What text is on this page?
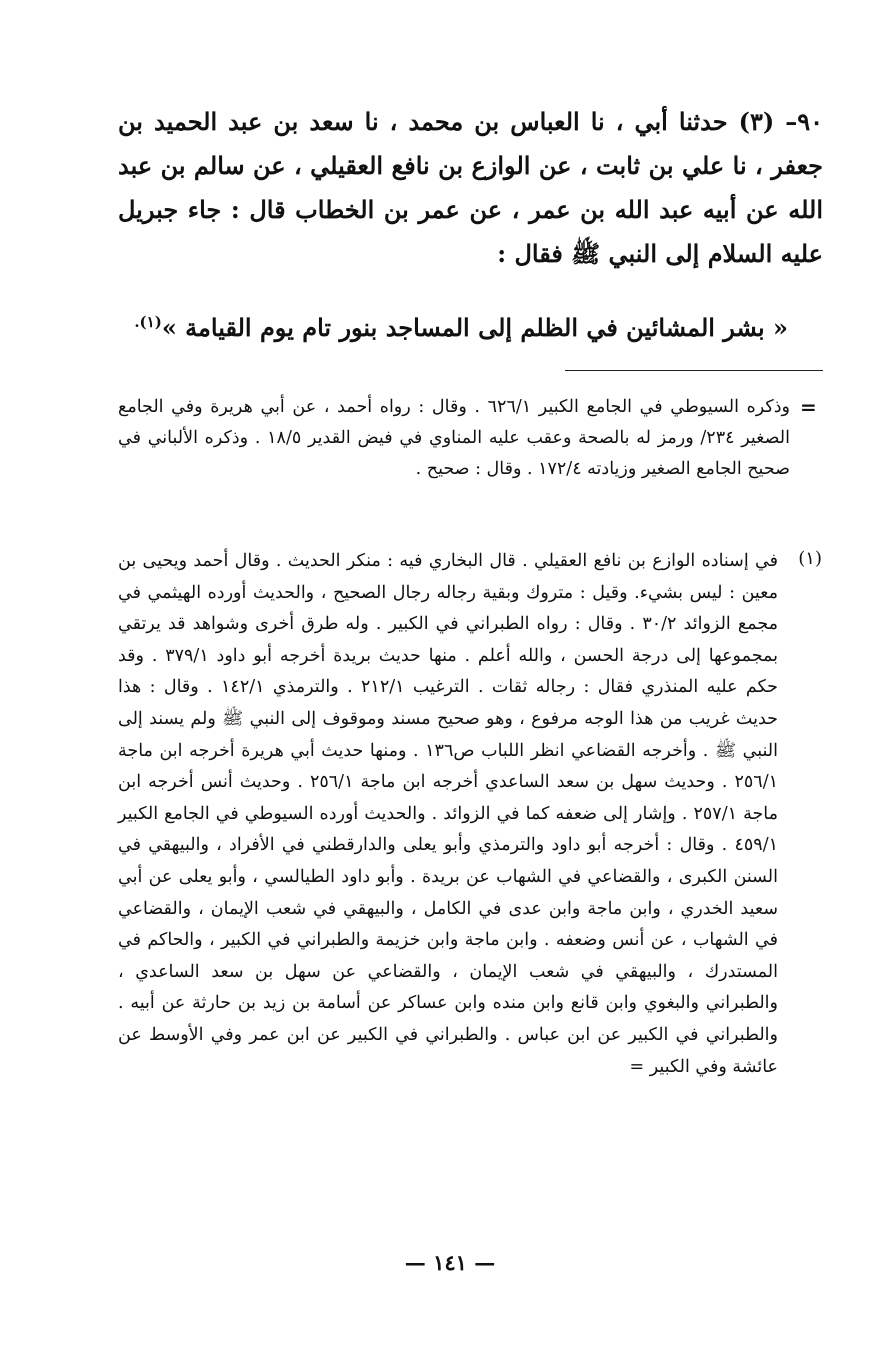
٩٠– (٣) حدثنا أبي ، نا العباس بن محمد ، نا سعد بن عبد الحميد بن جعفر ، نا علي بن ثابت ، عن الوازع بن نافع العقيلي ، عن سالم بن عبد الله عن أبيه عبد الله بن عمر ، عن عمر بن الخطاب قال : جاء جبريل عليه السلام إلى النبي ﷺ فقال :

« بشر المشائين في الظلم إلى المساجد بنور تام يوم القيامة »$^{(١).}$
=
وذكره السيوطي في الجامع الكبير ٦٢٦/١ . وقال : رواه أحمد ، عن أبي هريرة وفي الجامع الصغير ٢٣٤/ ورمز له بالصحة وعقب عليه المناوي في فيض القدير ١٨/٥ . وذكره الألباني في صحيح الجامع الصغير وزيادته ١٧٢/٤ . وقال : صحيح .
(١)
في إسناده الوازع بن نافع العقيلي . قال البخاري فيه : منكر الحديث . وقال أحمد ويحيى بن معين : ليس بشيء. وقيل : متروك وبقية رجاله رجال الصحيح ، والحديث أورده الهيثمي في مجمع الزوائد ٣٠/٢ . وقال : رواه الطبراني في الكبير . وله طرق أخرى وشواهد قد يرتقي بمجموعها إلى درجة الحسن ، والله أعلم . منها حديث بريدة أخرجه أبو داود ٣٧٩/١ . وقد حكم عليه المنذري فقال : رجاله ثقات . الترغيب ٢١٢/١ . والترمذي ١٤٢/١ . وقال : هذا حديث غريب من هذا الوجه مرفوع ، وهو صحيح مسند وموقوف إلى النبي ﷺ ولم يسند إلى النبي ﷺ . وأخرجه القضاعي انظر اللباب ص١٣٦ . ومنها حديث أبي هريرة أخرجه ابن ماجة ٢٥٦/١ . وحديث سهل بن سعد الساعدي أخرجه ابن ماجة ٢٥٦/١ . وحديث أنس أخرجه ابن ماجة ٢٥٧/١ . وإشار إلى ضعفه كما في الزوائد . والحديث أورده السيوطي في الجامع الكبير ٤٥٩/١ . وقال : أخرجه أبو داود والترمذي وأبو يعلى والدارقطني في الأفراد ، والبيهقي في السنن الكبرى ، والقضاعي في الشهاب عن بريدة . وأبو داود الطيالسي ، وأبو يعلى عن أبي سعيد الخدري ، وابن ماجة وابن عدى في الكامل ، والبيهقي في شعب الإيمان ، والقضاعي في الشهاب ، عن أنس وضعفه . وابن ماجة وابن خزيمة والطبراني في الكبير ، والحاكم في المستدرك ، والبيهقي في شعب الإيمان ، والقضاعي عن سهل بن سعد الساعدي ، والطبراني والبغوي وابن قانع وابن منده وابن عساكر عن أسامة بن زيد بن حارثة عن أبيه . والطبراني في الكبير عن ابن عباس . والطبراني في الكبير عن ابن عمر وفي الأوسط عن عائشة وفي الكبير =
— ١٤١ —
